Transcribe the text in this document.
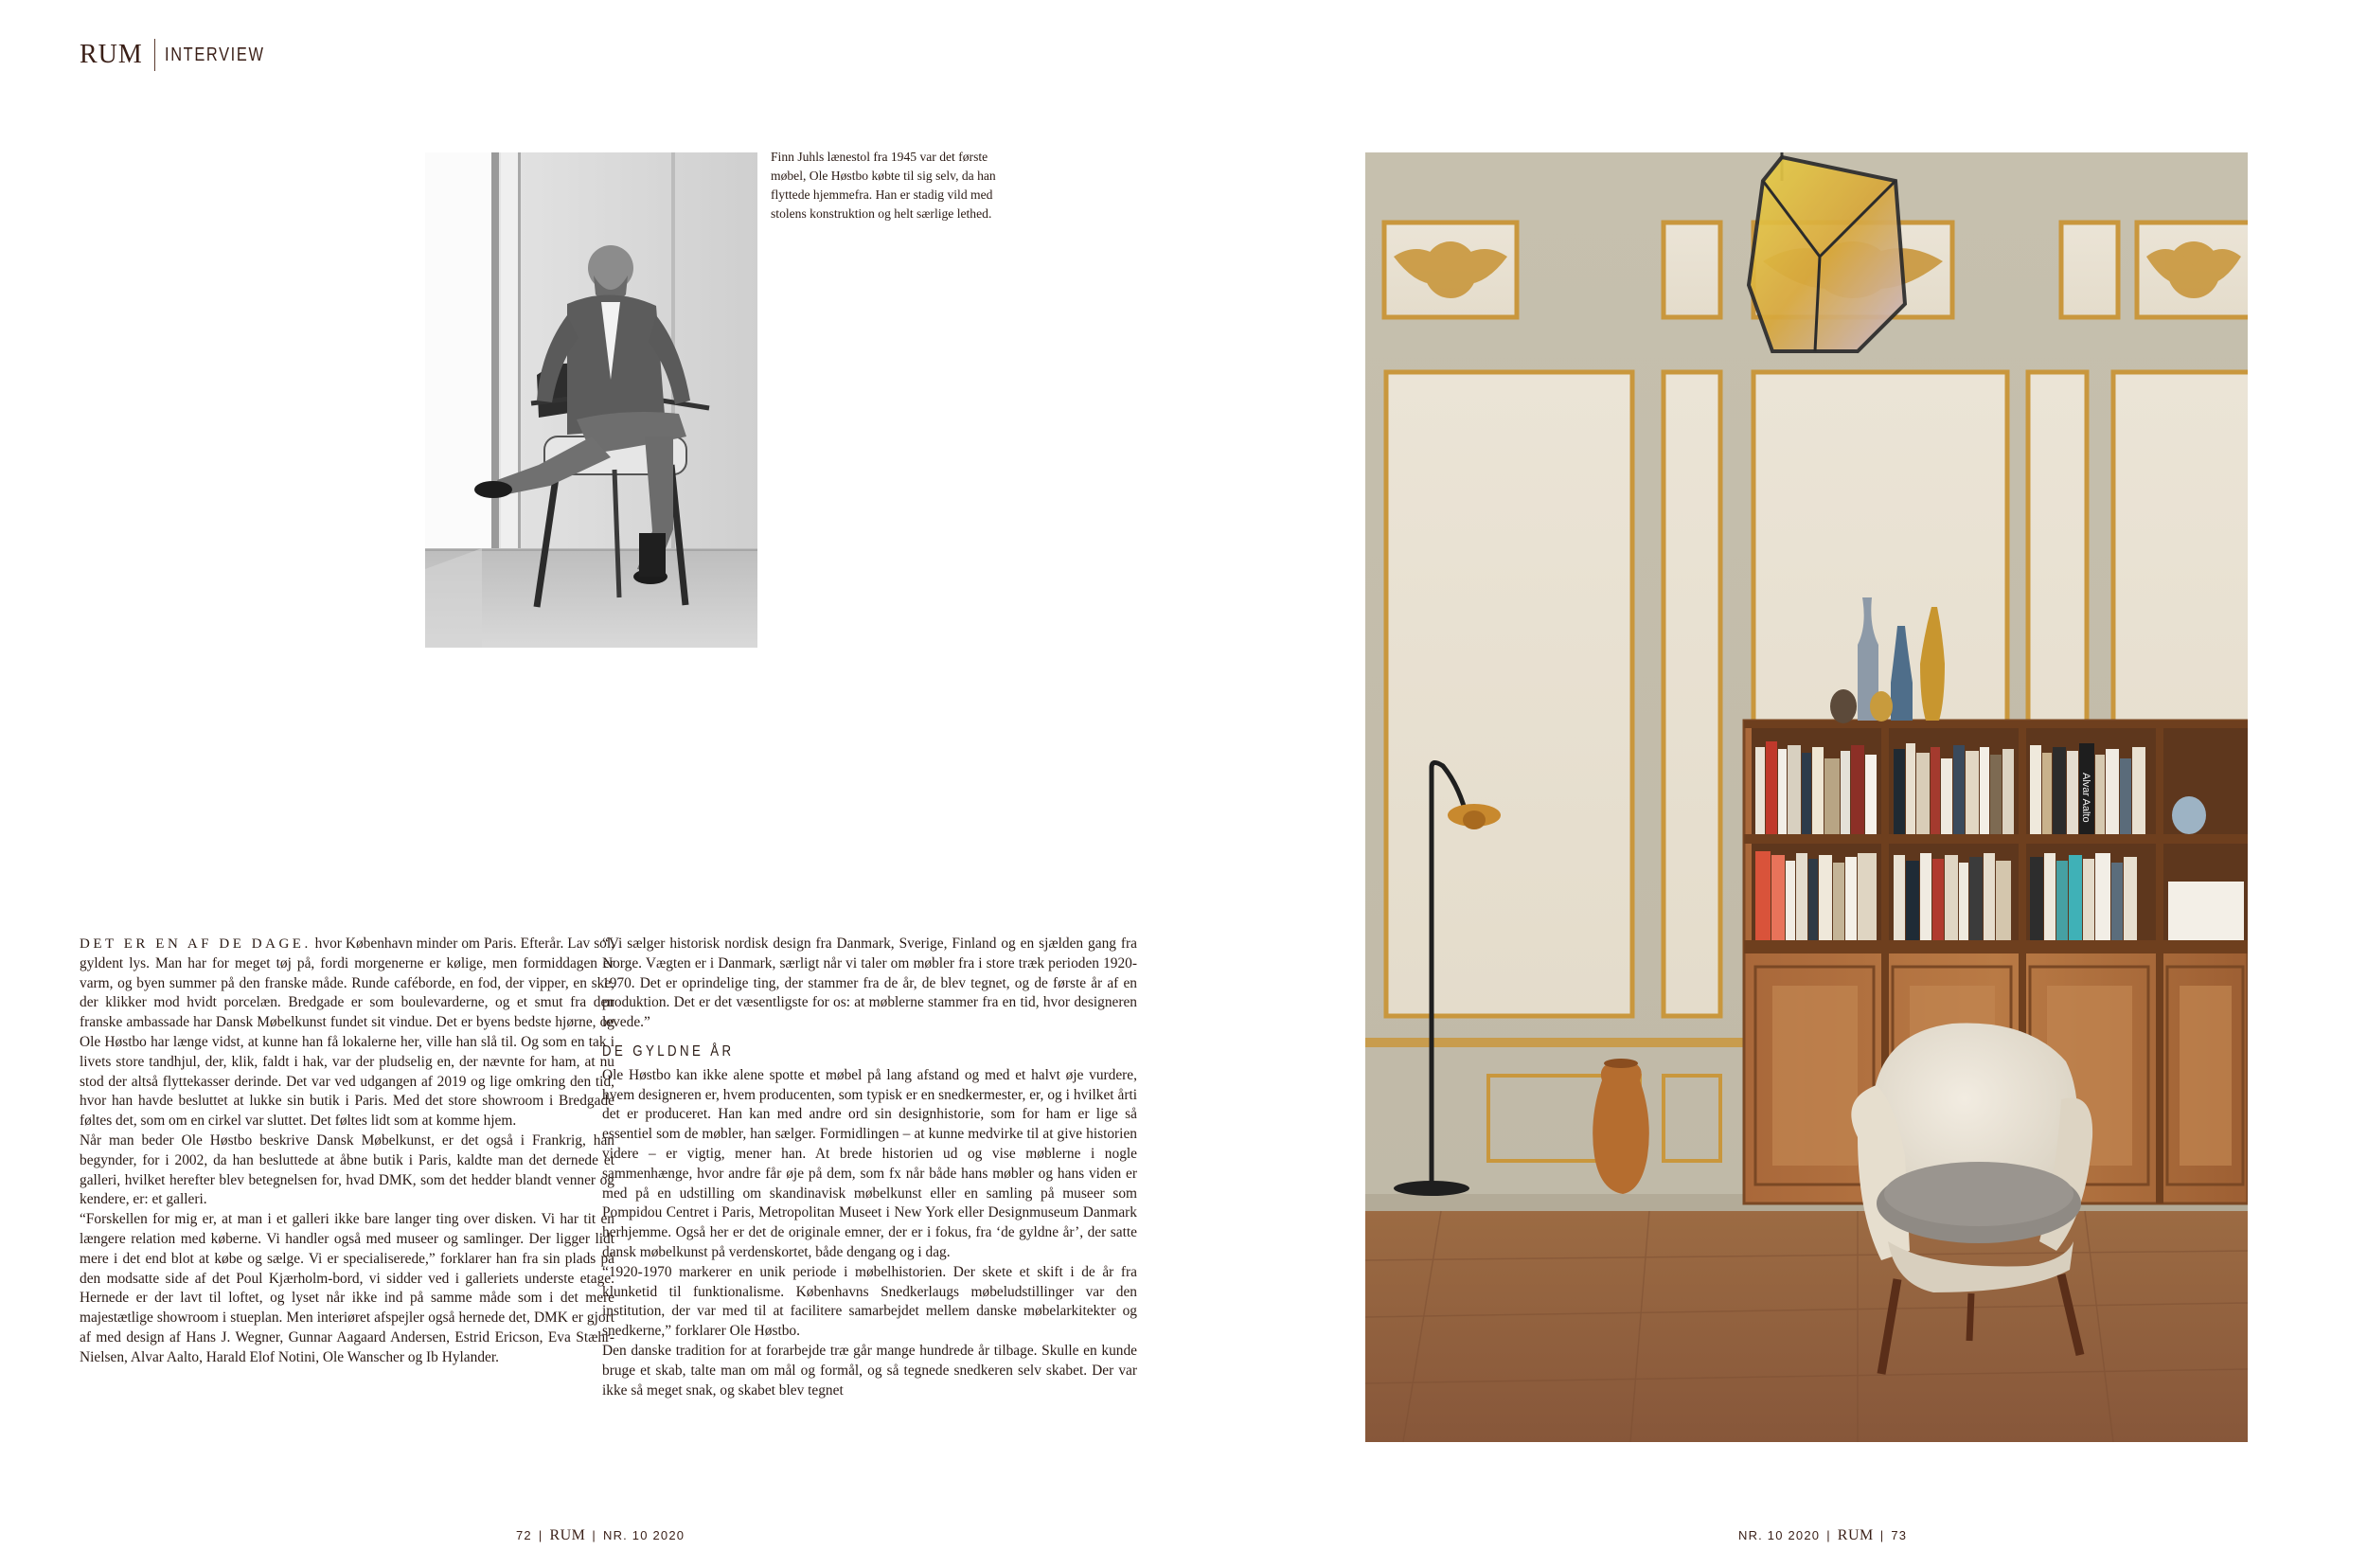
RUM INTERVIEW

Finn Juhls lænestol fra 1945 var det første møbel, Ole Høstbo købte til sig selv, da han flyttede hjemmefra. Han er stadig vild med stolens konstruktion og helt særlige lethed.

DET ER EN AF DE DAGE. hvor København minder om Paris. Efterår. Lav sol, gyldent lys. Man har for meget tøj på, fordi morgenerne er kølige, men formiddagen er varm, og byen summer på den franske måde. Runde cafébordе, en fod, der vipper, en ske, der klikker mod hvidt porcelæn. Bredgade er som boulevarderne, og et smut fra den franske ambassade har Dansk Møbelkunst fundet sit vindue. Det er byens bedste hjørne, og Ole Høstbo har længe vidst, at kunne han få lokalerne her, ville han slå til. Og som en tak i livets store tandhjul, der, klik, faldt i hak, var der pludselig en, der nævnte for ham, at nu stod der altså flyttekasser derinde. Det var ved udgangen af 2019 og lige omkring den tid, hvor han havde besluttet at lukke sin butik i Paris. Med det store showroom i Bredgade føltes det, som om en cirkel var sluttet. Det føltes lidt som at komme hjem.

Når man beder Ole Høstbo beskrive Dansk Møbelkunst, er det også i Frankrig, han begynder, for i 2002, da han besluttede at åbne butik i Paris, kaldte man det dernede et galleri, hvilket herefter blev betegnelsen for, hvad DMK, som det hedder blandt venner og kendere, er: et galleri.

“Forskellen for mig er, at man i et galleri ikke bare langer ting over disken. Vi har tit en længere relation med køberne. Vi handler også med museer og samlinger. Der ligger lidt mere i det end blot at købe og sælge. Vi er specialiserede,” forklarer han fra sin plads på den modsatte side af det Poul Kjærholm-bord, vi sidder ved i galleriets underste etage. Hernede er der lavt til loftet, og lyset når ikke ind på samme måde som i det mere majestætlige showroom i stueplan. Men interiøret afspejler også hernede det, DMK er gjort af med design af Hans J. Wegner, Gunnar Aagaard Andersen, Estrid Ericson, Eva Stæhr-Nielsen, Alvar Aalto, Harald Elof Notini, Ole Wanscher og Ib Hylander.

“Vi sælger historisk nordisk design fra Danmark, Sverige, Finland og en sjælden gang fra Norge. Vægten er i Danmark, særligt når vi taler om møbler fra i store træk perioden 1920-1970. Det er oprindelige ting, der stammer fra de år, de blev tegnet, og de første år af en produktion. Det er det væsentligste for os: at møblerne stammer fra en tid, hvor designeren levede.”

DE GYLDNE ÅR

Ole Høstbo kan ikke alene spotte et møbel på lang afstand og med et halvt øje vurdere, hvem designeren er, hvem producenten, som typisk er en snedkermester, er, og i hvilket årti det er produceret. Han kan med andre ord sin designhistorie, som for ham er lige så essentiel som de møbler, han sælger. Formidlingen – at kunne medvirke til at give historien videre – er vigtig, mener han. At brede historien ud og vise møblerne i nogle sammenhænge, hvor andre får øje på dem, som fx når både hans møbler og hans viden er med på en udstilling om skandinavisk møbelkunst eller en samling på museer som Pompidou Centret i Paris, Metropolitan Museet i New York eller Designmuseum Danmark herhjemme. Også her er det de originale emner, der er i fokus, fra ‘de gyldne år’, der satte dansk møbelkunst på verdenskortet, både dengang og i dag.

“1920-1970 markerer en unik periode i møbelhistorien. Der skete et skift i de år fra klunketid til funktionalisme. Københavns Snedkerlaugs møbeludstillinger var den institution, der var med til at facilitere samarbejdet mellem danske møbelarkitekter og snedkerne,” forklarer Ole Høstbo.

Den danske tradition for at forarbejde træ går mange hundrede år tilbage. Skulle en kunde bruge et skab, talte man om mål og formål, og så tegnede snedkeren selv skabet. Der var ikke så meget snak, og skabet blev tegnet

72 | RUM | NR. 10 2020	NR. 10 2020 | RUM | 73
Alvar Aalto
